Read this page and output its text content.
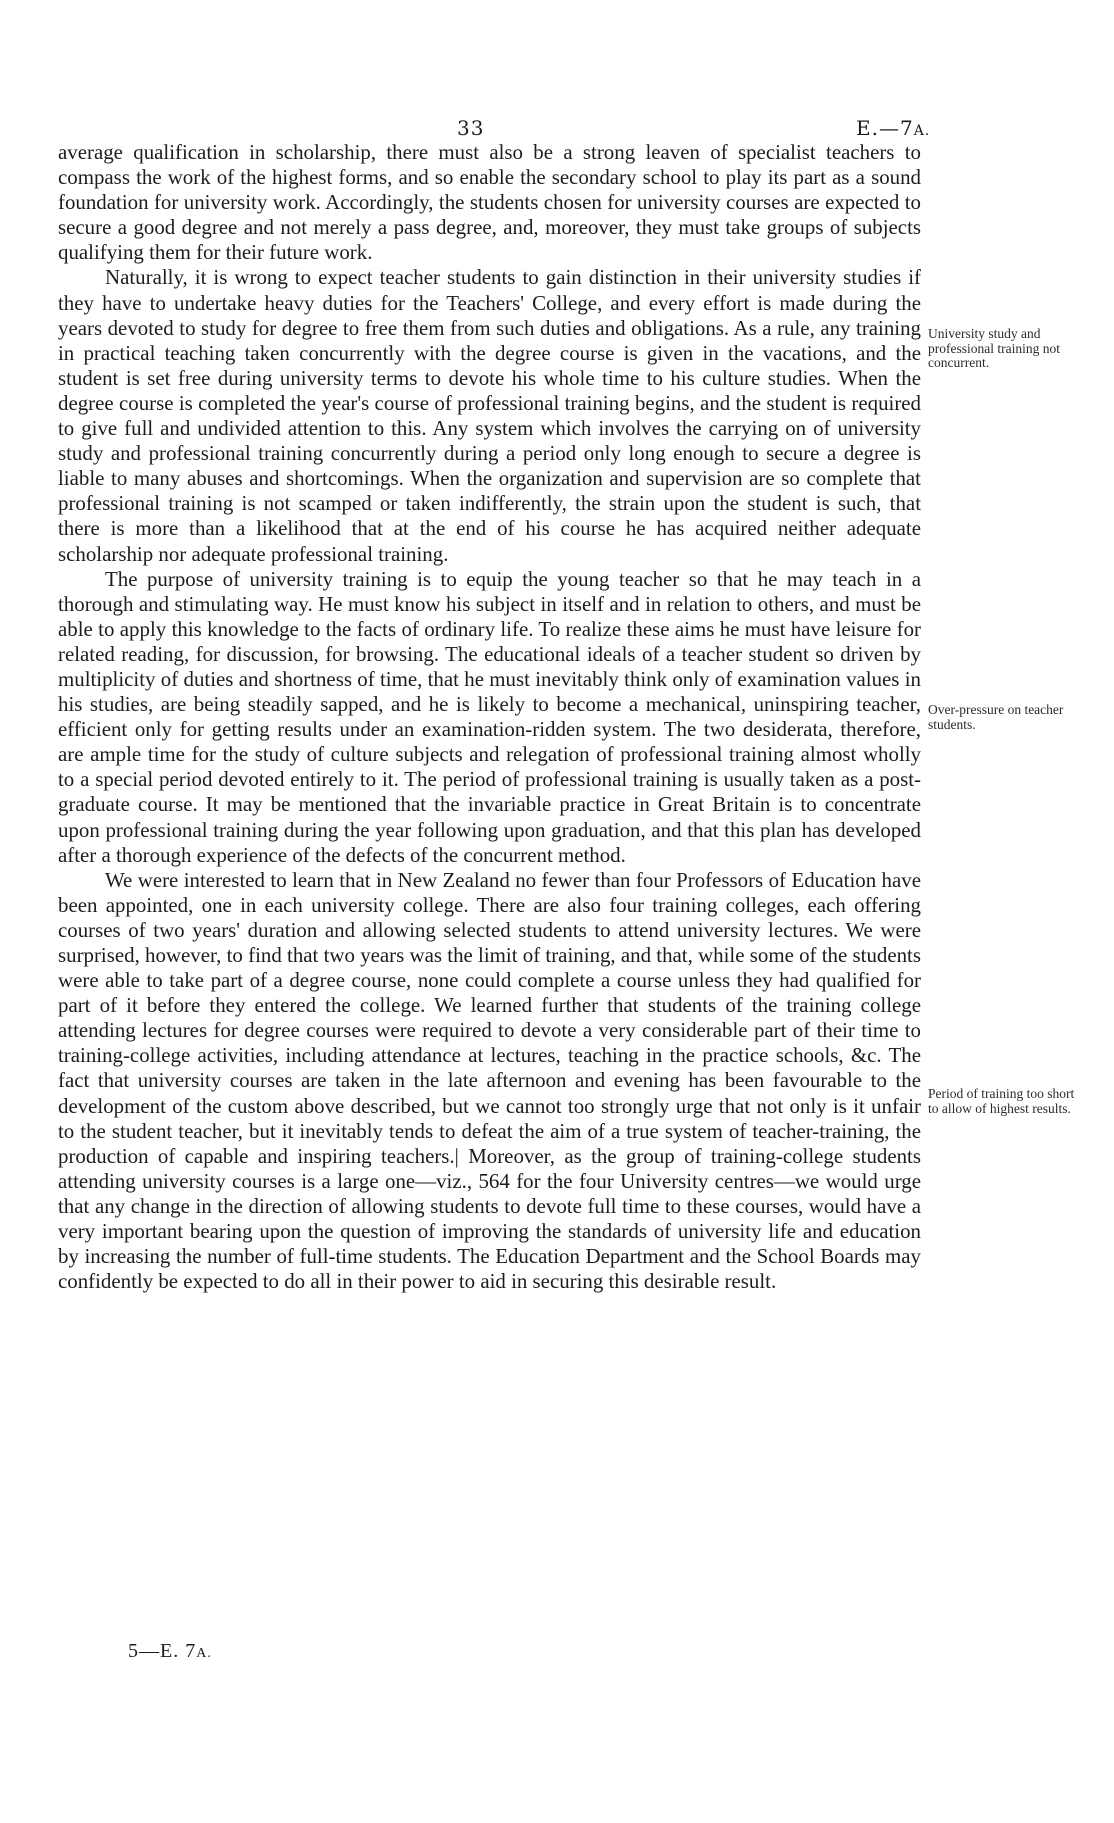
33	E.—7A.

average qualification in scholarship, there must also be a strong leaven of specialist teachers to compass the work of the highest forms, and so enable the secondary school to play its part as a sound foundation for university work. Accordingly, the students chosen for university courses are expected to secure a good degree and not merely a pass degree, and, moreover, they must take groups of subjects qualifying them for their future work.

Naturally, it is wrong to expect teacher students to gain distinction in their university studies if they have to undertake heavy duties for the Teachers' College, and every effort is made during the years devoted to study for degree to free them from such duties and obligations. As a rule, any training in practical teaching taken concurrently with the degree course is given in the vacations, and the student is set free during university terms to devote his whole time to his culture studies. When the degree course is completed the year's course of professional training begins, and the student is required to give full and undivided attention to this. Any system which involves the carrying on of university study and professional training concurrently during a period only long enough to secure a degree is liable to many abuses and shortcomings. When the organization and supervision are so complete that professional training is not scamped or taken indifferently, the strain upon the student is such, that there is more than a likelihood that at the end of his course he has acquired neither adequate scholarship nor adequate professional training.

The purpose of university training is to equip the young teacher so that he may teach in a thorough and stimulating way. He must know his subject in itself and in relation to others, and must be able to apply this knowledge to the facts of ordinary life. To realize these aims he must have leisure for related reading, for discussion, for browsing. The educational ideals of a teacher student so driven by multiplicity of duties and shortness of time, that he must inevitably think only of examination values in his studies, are being steadily sapped, and he is likely to become a mechanical, uninspiring teacher, efficient only for getting results under an examination-ridden system. The two desiderata, therefore, are ample time for the study of culture subjects and relegation of professional training almost wholly to a special period devoted entirely to it. The period of professional training is usually taken as a post-graduate course. It may be mentioned that the invariable practice in Great Britain is to concentrate upon professional training during the year following upon graduation, and that this plan has developed after a thorough experience of the defects of the concurrent method.

We were interested to learn that in New Zealand no fewer than four Professors of Education have been appointed, one in each university college. There are also four training colleges, each offering courses of two years' duration and allowing selected students to attend university lectures. We were surprised, however, to find that two years was the limit of training, and that, while some of the students were able to take part of a degree course, none could complete a course unless they had qualified for part of it before they entered the college. We learned further that students of the training college attending lectures for degree courses were required to devote a very considerable part of their time to training-college activities, including attendance at lectures, teaching in the practice schools, &c. The fact that university courses are taken in the late afternoon and evening has been favourable to the development of the custom above described, but we cannot too strongly urge that not only is it unfair to the student teacher, but it inevitably tends to defeat the aim of a true system of teacher-training, the production of capable and inspiring teachers.| Moreover, as the group of training-college students attending university courses is a large one—viz., 564 for the four University centres—we would urge that any change in the direction of allowing students to devote full time to these courses, would have a very important bearing upon the question of improving the standards of university life and education by increasing the number of full-time students. The Education Department and the School Boards may confidently be expected to do all in their power to aid in securing this desirable result.

University study and professional training not concurrent.
Over-pressure on teacher students.
Period of training too short to allow of highest results.
5—E. 7A.
